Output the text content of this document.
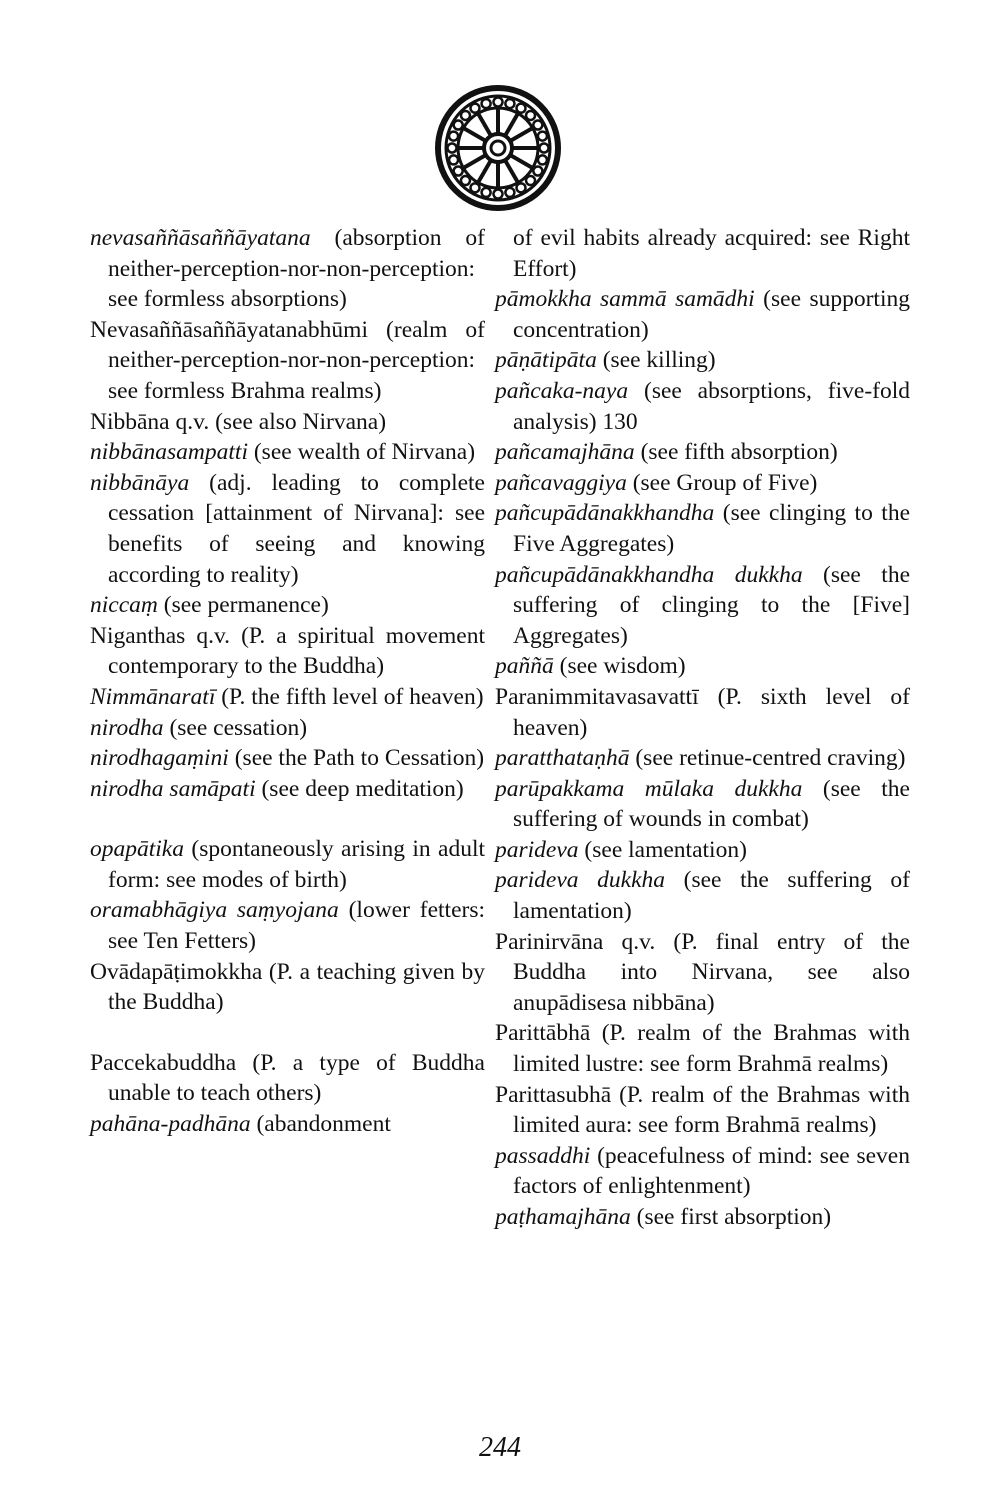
nevasaññāsaññāyatana (absorption of neither-perception-nor-non-perception: see formless absorptions)
Nevasaññāsaññāyatanabhūmi (realm of neither-perception-nor-non-perception: see formless Brahma realms)
Nibbāna q.v. (see also Nirvana)
nibbānasampatti (see wealth of Nirvana)
nibbānāya (adj. leading to complete cessation [attainment of Nirvana]: see benefits of seeing and knowing according to reality)
niccaṃ (see permanence)
Niganthas q.v. (P. a spiritual movement contemporary to the Buddha)
Nimmānaratī (P. the fifth level of heaven)
nirodha (see cessation)
nirodhagaṃini (see the Path to Cessation)
nirodha samāpati (see deep meditation)
opapātika (spontaneously arising in adult form: see modes of birth)
oramabhāgiya saṃyojana (lower fetters: see Ten Fetters)
Ovādapāṭimokkha (P. a teaching given by the Buddha)
Paccekabuddha (P. a type of Buddha unable to teach others)
pahāna-padhāna (abandonment
of evil habits already acquired: see Right Effort)
pāmokkha sammā samādhi (see supporting concentration)
pāṇātipāta (see killing)
pañcaka-naya (see absorptions, five-fold analysis) 130
pañcamajhāna (see fifth absorption)
pañcavaggiya (see Group of Five)
pañcupādānakkhandha (see clinging to the Five Aggregates)
pañcupādānakkhandha dukkha (see the suffering of clinging to the [Five] Aggregates)
paññā (see wisdom)
Paranimmitavasavattī (P. sixth level of heaven)
paratthataṇhā (see retinue-centred craving)
parūpakkama mūlaka dukkha (see the suffering of wounds in combat)
parideva (see lamentation)
parideva dukkha (see the suffering of lamentation)
Parinirvāna q.v. (P. final entry of the Buddha into Nirvana, see also anupādisesa nibbāna)
Parittābhā (P. realm of the Brahmas with limited lustre: see form Brahmā realms)
Parittasubhā (P. realm of the Brahmas with limited aura: see form Brahmā realms)
passaddhi (peacefulness of mind: see seven factors of enlightenment)
paṭhamajhāna (see first absorption)
244
